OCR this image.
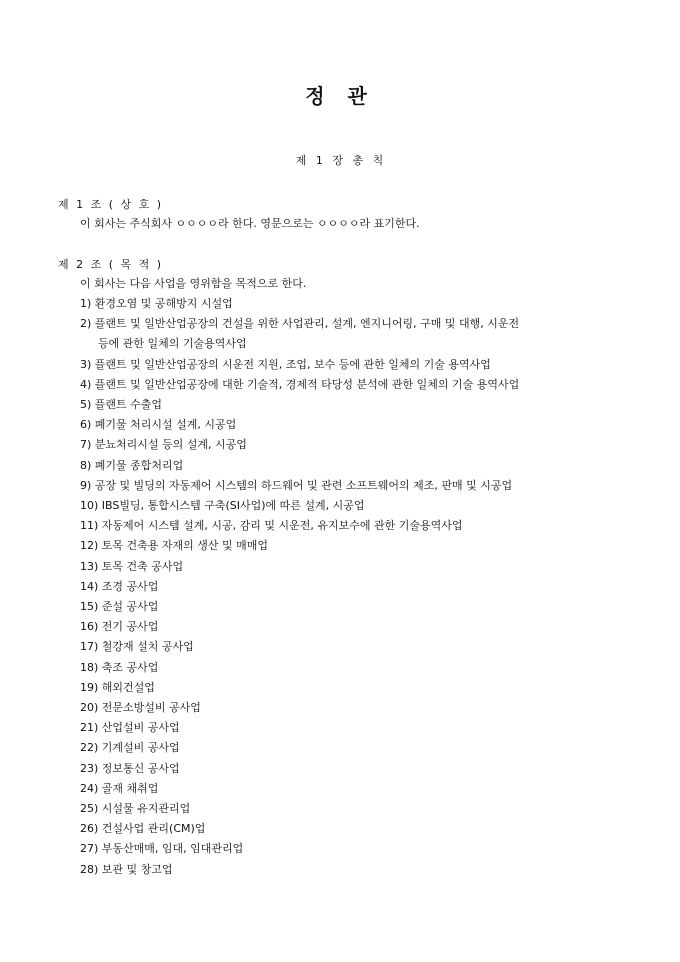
정 관
제 1 장 총 칙
제 1 조 ( 상 호 )
이 회사는 주식회사 ㅇㅇㅇㅇ라 한다. 영문으로는 ㅇㅇㅇㅇ라 표기한다.
제 2 조 ( 목 적 )
이 회사는 다음 사업을 영위함을 목적으로 한다.
1) 환경오염 및 공해방지 시설업
2) 플랜트 및 일반산업공장의 건설을 위한 사업관리, 설계, 엔지니어링, 구매 및 대행, 시운전
등에 관한 일체의 기술용역사업
3) 플랜트 및 일반산업공장의 시운전 지원, 조업, 보수 등에 관한 일체의 기술 용역사업
4) 플랜트 및 일반산업공장에 대한 기술적, 경제적 타당성 분석에 관한 일체의 기술 용역사업
5) 플랜트 수출업
6) 폐기물 처리시설 설계, 시공업
7) 분뇨처리시설 등의 설계, 시공업
8) 폐기물 종합처리업
9) 공장 및 빌딩의 자동제어 시스템의 하드웨어 및 관련 소프트웨어의 제조, 판매 및 시공업
10) IBS빌딩, 통합시스템 구축(SI사업)에 따른 설계, 시공업
11) 자동제어 시스템 설계, 시공, 감리 및 시운전, 유지보수에 관한 기술용역사업
12) 토목 건축용 자재의 생산 및 매매업
13) 토목 건축 공사업
14) 조경 공사업
15) 준설 공사업
16) 전기 공사업
17) 철강재 설치 공사업
18) 축조 공사업
19) 해외건설업
20) 전문소방설비 공사업
21) 산업설비 공사업
22) 기계설비 공사업
23) 정보통신 공사업
24) 골재 채취업
25) 시설물 유지관리업
26) 건설사업 관리(CM)업
27) 부동산매매, 임대, 임대관리업
28) 보관 및 창고업
